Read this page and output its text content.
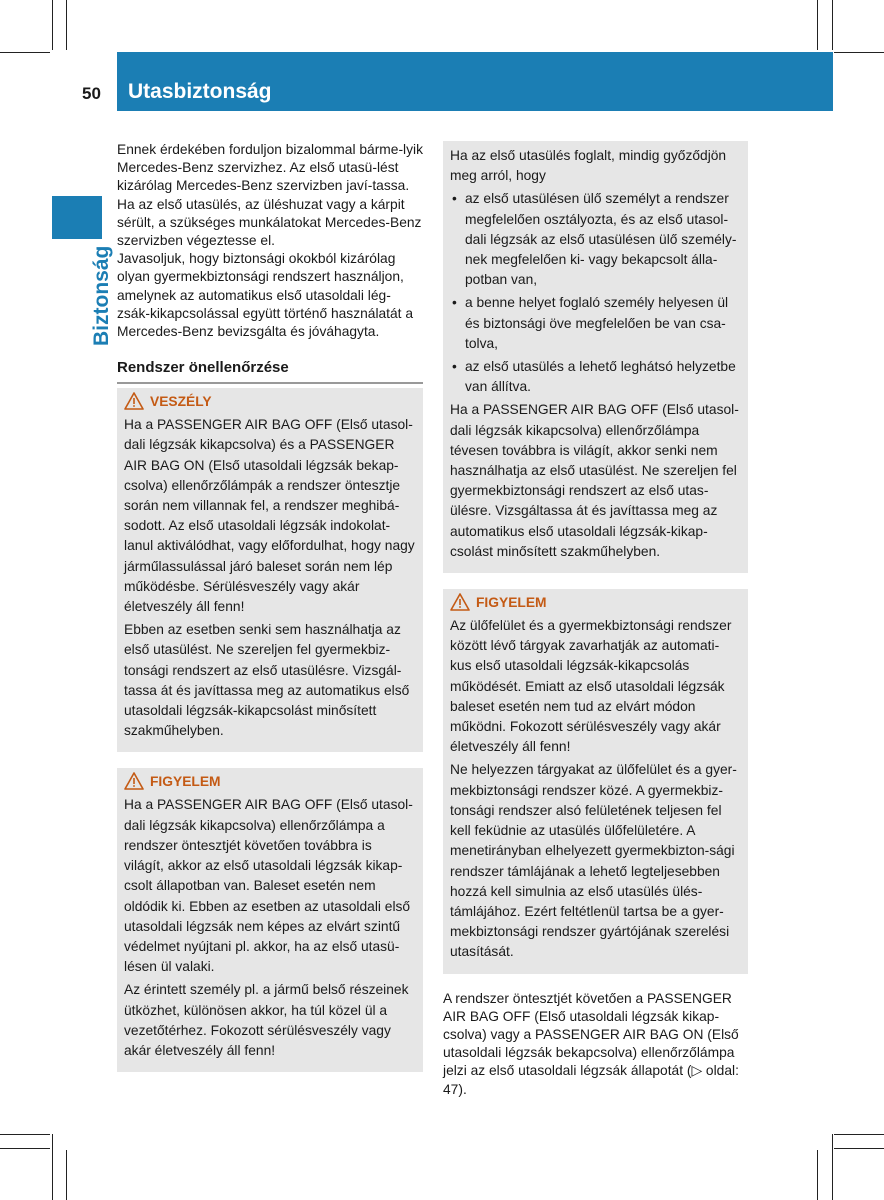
50 Utasbiztonság
Biztonság

Ennek érdekében forduljon bizalommal bárme-lyik Mercedes-Benz szervizhez. Az első utasü-lést kizárólag Mercedes-Benz szervizben javí-tassa.

Ha az első utasülés, az üléshuzat vagy a kárpit sérült, a szükséges munkálatokat Mercedes-Benz szervizben végeztesse el.

Javasoljuk, hogy biztonsági okokból kizárólag olyan gyermekbiztonsági rendszert használjon, amelynek az automatikus első utasoldali lég-zsák-kikapcsolással együtt történő használatát a Mercedes-Benz bevizsgálta és jóváhagyta.

Rendszer önellenőrzése
VESZÉLY

Ha a PASSENGER AIR BAG OFF (Első utasol-dali légzsák kikapcsolva) és a PASSENGER AIR BAG ON (Első utasoldali légzsák bekap-csolva) ellenőrzőlámpák a rendszer öntesztje során nem villannak fel, a rendszer meghibá-sodott. Az első utasoldali légzsák indokolat-lanul aktiválódhat, vagy előfordulhat, hogy nagy járműlassulással járó baleset során nem lép működésbe. Sérülésveszély vagy akár életveszély áll fenn!

Ebben az esetben senki sem használhatja az első utasülést. Ne szereljen fel gyermekbiz-tonsági rendszert az első utasülésre. Vizsgál-tassa át és javíttassa meg az automatikus első utasoldali légzsák-kikapcsolást minősített szakműhelyben.

FIGYELEM

Ha a PASSENGER AIR BAG OFF (Első utasol-dali légzsák kikapcsolva) ellenőrzőlámpa a rendszer öntesztjét követően továbbra is világít, akkor az első utasoldali légzsák kikap-csolt állapotban van. Baleset esetén nem oldódik ki. Ebben az esetben az utasoldali első utasoldali légzsák nem képes az elvárt szintű védelmet nyújtani pl. akkor, ha az első utasü-lésen ül valaki.

Az érintett személy pl. a jármű belső részeinek ütközhet, különösen akkor, ha túl közel ül a vezetőtérhez. Fokozott sérülésveszély vagy akár életveszély áll fenn!

Ha az első utasülés foglalt, mindig győződjön meg arról, hogy

• az első utasülésen ülő személyt a rendszer megfelelően osztályozta, és az első utasol-dali légzsák az első utasülésen ülő személy-nek megfelelően ki- vagy bekapcsolt álla-potban van,
• a benne helyet foglaló személy helyesen ül és biztonsági öve megfelelően be van csa-tolva,
• az első utasülés a lehető leghátsó helyzetbe van állítva.

Ha a PASSENGER AIR BAG OFF (Első utasol-dali légzsák kikapcsolva) ellenőrzőlámpa tévesen továbbra is világít, akkor senki nem használhatja az első utasülést. Ne szereljen fel gyermekbiztonsági rendszert az első utas-ülésre. Vizsgáltassa át és javíttassa meg az automatikus első utasoldali légzsák-kikap-csolást minősített szakműhelyben.

FIGYELEM

Az ülőfelület és a gyermekbiztonsági rendszer között lévő tárgyak zavarhatják az automati-kus első utasoldali légzsák-kikapcsolás működését. Emiatt az első utasoldali légzsák baleset esetén nem tud az elvárt módon működni. Fokozott sérülésveszély vagy akár életveszély áll fenn!

Ne helyezzen tárgyakat az ülőfelület és a gyer-mekbiztonsági rendszer közé. A gyermekbiz-tonsági rendszer alsó felületének teljesen fel kell feküdnie az utasülés ülőfelületére. A menetirányban elhelyezett gyermekbizton-sági rendszer támlájának a lehető legteljesebben hozzá kell simulnia az első utasülés ülés-támlájához. Ezért feltétlenül tartsa be a gyer-mekbiztonsági rendszer gyártójának szerelési utasítását.

A rendszer öntesztjét követően a PASSENGER AIR BAG OFF (Első utasoldali légzsák kikap-csolva) vagy a PASSENGER AIR BAG ON (Első utasoldali légzsák bekapcsolva) ellenőrzőlámpa jelzi az első utasoldali légzsák állapotát (▷ oldal: 47).
